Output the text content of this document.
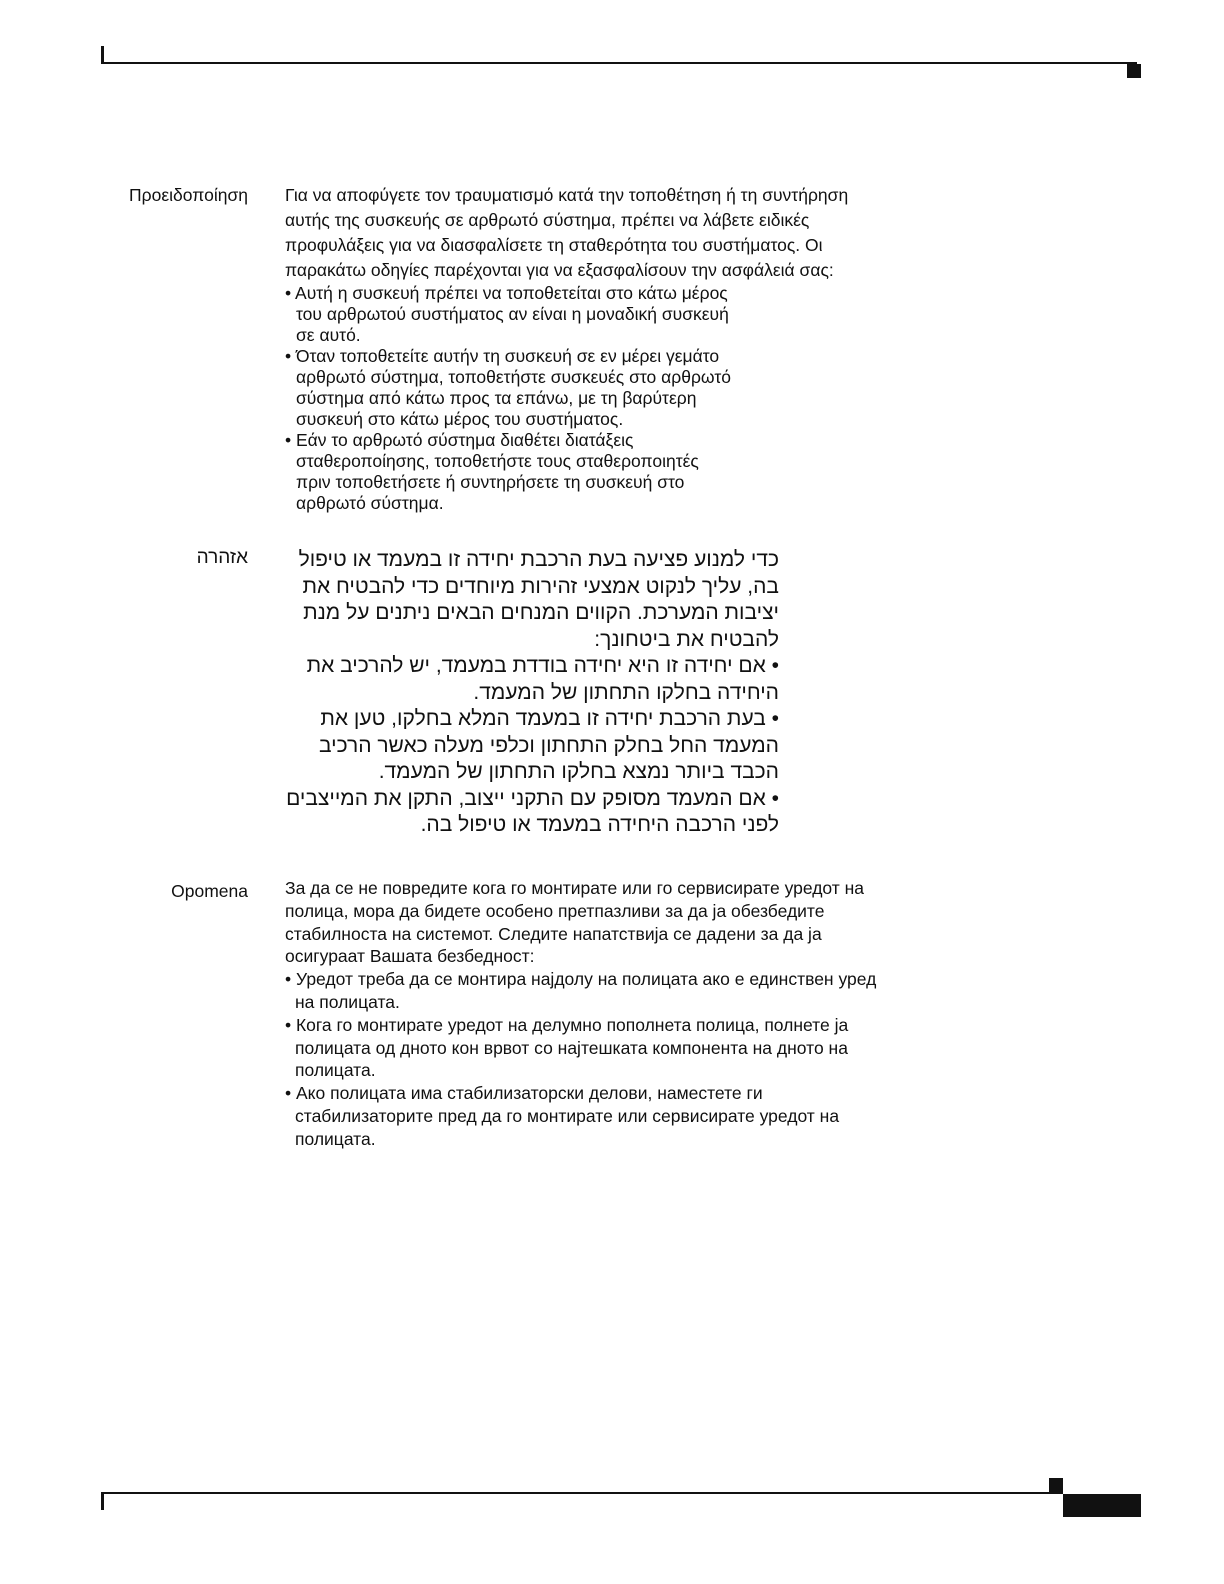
Προειδοποίηση Για να αποφύγετε τον τραυματισμό κατά την τοποθέτηση ή τη συντήρηση
αυτής της συσκευής σε αρθρωτό σύστημα, πρέπει να λάβετε ειδικές
προφυλάξεις για να διασφαλίσετε τη σταθερότητα του συστήματος. Οι
παρακάτω οδηγίες παρέχονται για να εξασφαλίσουν την ασφάλειά σας:
• Αυτή η συσκευή πρέπει να τοποθετείται στο κάτω μέρος
του αρθρωτού συστήματος αν είναι η μοναδική συσκευή
σε αυτό.
• Όταν τοποθετείτε αυτήν τη συσκευή σε εν μέρει γεμάτο
αρθρωτό σύστημα, τοποθετήστε συσκευές στο αρθρωτό
σύστημα από κάτω προς τα επάνω, με τη βαρύτερη
συσκευή στο κάτω μέρος του συστήματος.
• Εάν το αρθρωτό σύστημα διαθέτει διατάξεις
σταθεροποίησης, τοποθετήστε τους σταθεροποιητές
πριν τοποθετήσετε ή συντηρήσετε τη συσκευή στο
αρθρωτό σύστημα.
אזהרה	כדי למנוע פציעה בעת הרכבת יחידה זו במעמד או טיפול
בה, עליך לנקוט אמצעי זהירות מיוחדים כדי להבטיח את
יציבות המערכת. הקווים המנחים הבאים ניתנים על מנת
להבטיח את ביטחונך:
• אם יחידה זו היא יחידה בודדת במעמד, יש להרכיב את
היחידה בחלקו התחתון של המעמד.
• בעת הרכבת יחידה זו במעמד המלא בחלקו, טען את
המעמד החל בחלק התחתון וכלפי מעלה כאשר הרכיב
הכבד ביותר נמצא בחלקו התחתון של המעמד.
• אם המעמד מסופק עם התקני ייצוב, התקן את המייצבים
לפני הרכבה היחידה במעמד או טיפול בה.
Opomena За да се не повредите кога го монтирате или го сервисирате уредот на
полица, мора да бидете особено претпазливи за да ја обезбедите
стабилноста на системот. Следите напатствија се дадени за да ја
осигураат Вашата безбедност:
• Уредот треба да се монтира најдолу на полицата ако е единствен уред
на полицата.
• Кога го монтирате уредот на делумно пополнета полица, полнете ја
полицата од дното кон врвот со најтешката компонента на дното на
полицата.
• Ако полицата има стабилизаторски делови, наместете ги
стабилизаторите пред да го монтирате или сервисирате уредот на
полицата.
